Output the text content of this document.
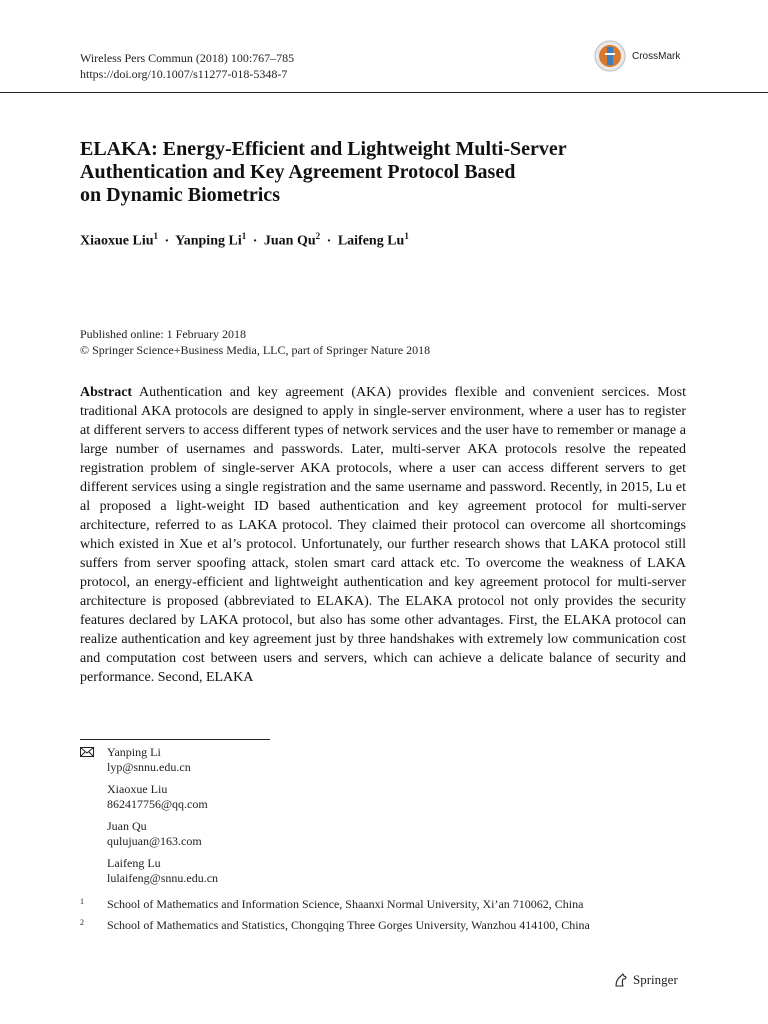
Wireless Pers Commun (2018) 100:767–785
https://doi.org/10.1007/s11277-018-5348-7
CrossMark
ELAKA: Energy-Efficient and Lightweight Multi-Server
Authentication and Key Agreement Protocol Based
on Dynamic Biometrics
Xiaoxue Liu$^1$ · Yanping $Li^1$ · Juan $Qu^2$ · Laifeng Lu$^1$
Published online: 1 February 2018
© Springer Science+Business Media, LLC, part of Springer Nature 2018
Abstract Authentication and key agreement (AKA) provides flexible and convenient sercices. Most traditional AKA protocols are designed to apply in single-server environment, where a user has to register at different servers to access different types of network services and the user have to remember or manage a large number of usernames and passwords. Later, multi-server AKA protocols resolve the repeated registration problem of single-server AKA protocols, where a user can access different servers to get different services using a single registration and the same username and password. Recently, in 2015, Lu et al proposed a light-weight ID based authentication and key agreement protocol for multi-server architecture, referred to as LAKA protocol. They claimed their protocol can overcome all shortcomings which existed in Xue et al’s protocol. Unfortunately, our further research shows that LAKA protocol still suffers from server spoofing attack, stolen smart card attack etc. To overcome the weakness of LAKA protocol, an energy-efficient and lightweight authentication and key agreement protocol for multi-server architecture is proposed (abbreviated to ELAKA). The ELAKA protocol not only provides the security features declared by LAKA protocol, but also has some other advantages. First, the ELAKA protocol can realize authentication and key agreement just by three handshakes with extremely low communication cost and computation cost between users and servers, which can achieve a delicate balance of security and performance. Second, ELAKA
Yanping Li
lyp@snnu.edu.cn
Xiaoxue Liu
862417756@qq.com
Juan Qu
qulujuan@163.com
Laifeng Lu
lulaifeng@snnu.edu.cn
1	School of Mathematics and Information Science, Shaanxi Normal University, Xi’an 710062, China
2	School of Mathematics and Statistics, Chongqing Three Gorges University, Wanzhou 414100, China
Springer
